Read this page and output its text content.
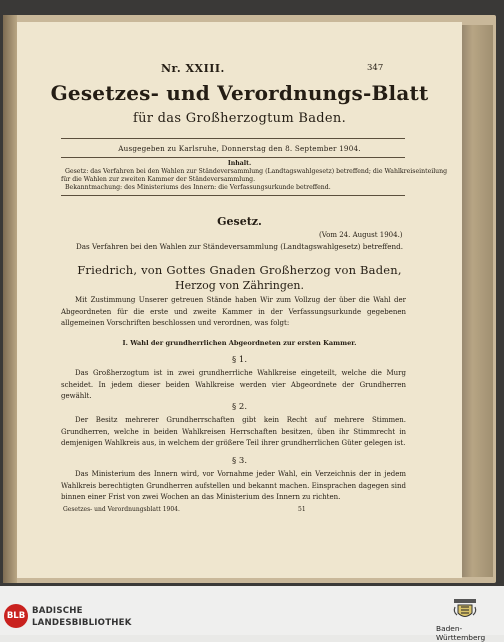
Nr. XXIII.	347
Gesetzes- und Verordnungs-Blatt
für das Großherzogtum Baden.
Ausgegeben zu Karlsruhe, Donnerstag den 8. September 1904.
Inhalt.
Gesetz: das Verfahren bei den Wahlen zur Ständeversammlung (Landtagswahlgesetz) betreffend; die Wahlkreiseinteilung
für die Wahlen zur zweiten Kammer der Ständeversammlung.
Bekanntmachung: des Ministeriums des Innern: die Verfassungsurkunde betreffend.
Gesetz.
(Vom 24. August 1904.)
Das Verfahren bei den Wahlen zur Ständeversammlung (Landtagswahlgesetz) betreffend.
Friedrich, von Gottes Gnaden Großherzog von Baden,
Herzog von Zähringen.
Mit Zustimmung Unserer getreuen Stände haben Wir zum Vollzug der über die Wahl der Abgeordneten für die erste und zweite Kammer in der Verfassungsurkunde gegebenen allgemeinen Vorschriften beschlossen und verordnen, was folgt:
I. Wahl der grundherrlichen Abgeordneten zur ersten Kammer.
§ 1.
Das Großherzogtum ist in zwei grundherrliche Wahlkreise eingeteilt, welche die Murg scheidet. In jedem dieser beiden Wahlkreise werden vier Abgeordnete der Grundherren gewählt.
§ 2.
Der Besitz mehrerer Grundherrschaften gibt kein Recht auf mehrere Stimmen. Grundherren, welche in beiden Wahlkreisen Herrschaften besitzen, üben ihr Stimmrecht in demjenigen Wahlkreis aus, in welchem der größere Teil ihrer grundherrlichen Güter gelegen ist.
§ 3.
Das Ministerium des Innern wird, vor Vornahme jeder Wahl, ein Verzeichnis der in jedem Wahlkreis berechtigten Grundherren aufstellen und bekannt machen. Einsprachen dagegen sind binnen einer Frist von zwei Wochen an das Ministerium des Innern zu richten.
Gesetzes- und Verordnungsblatt 1904.	51
BLB BADISCHE
LANDESBIBLIOTHEK
Baden-Württemberg
